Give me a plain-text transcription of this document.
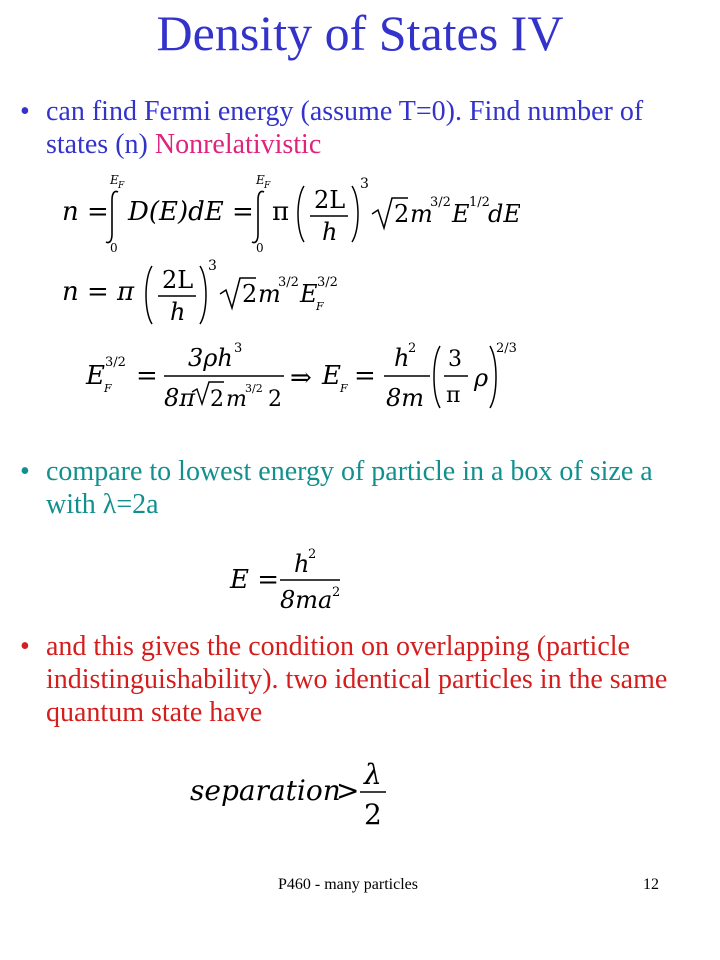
Density of States IV
• can find Fermi energy (assume T=0). Find number of states (n) Nonrelativistic
n =
E F
0
D(E)dE =
E F
0
π 2L
h
3
2 m
3/2 E 1/2
dE
n = π 2L
h
3
2 m
3/2 E
F
3/2
E F
3/2 =
3ρh 3
8π 2 m
3/2 2
⇒ E F =
h
2
8m
3
π
ρ
2/3
• compare to lowest energy of particle in a box of size a with λ=2a
E =
h
2
8ma 2
• and this gives the condition on overlapping (particle indistinguishability). two identical particles in the same quantum state have
separation
> λ
2
P460 - many particles	12
